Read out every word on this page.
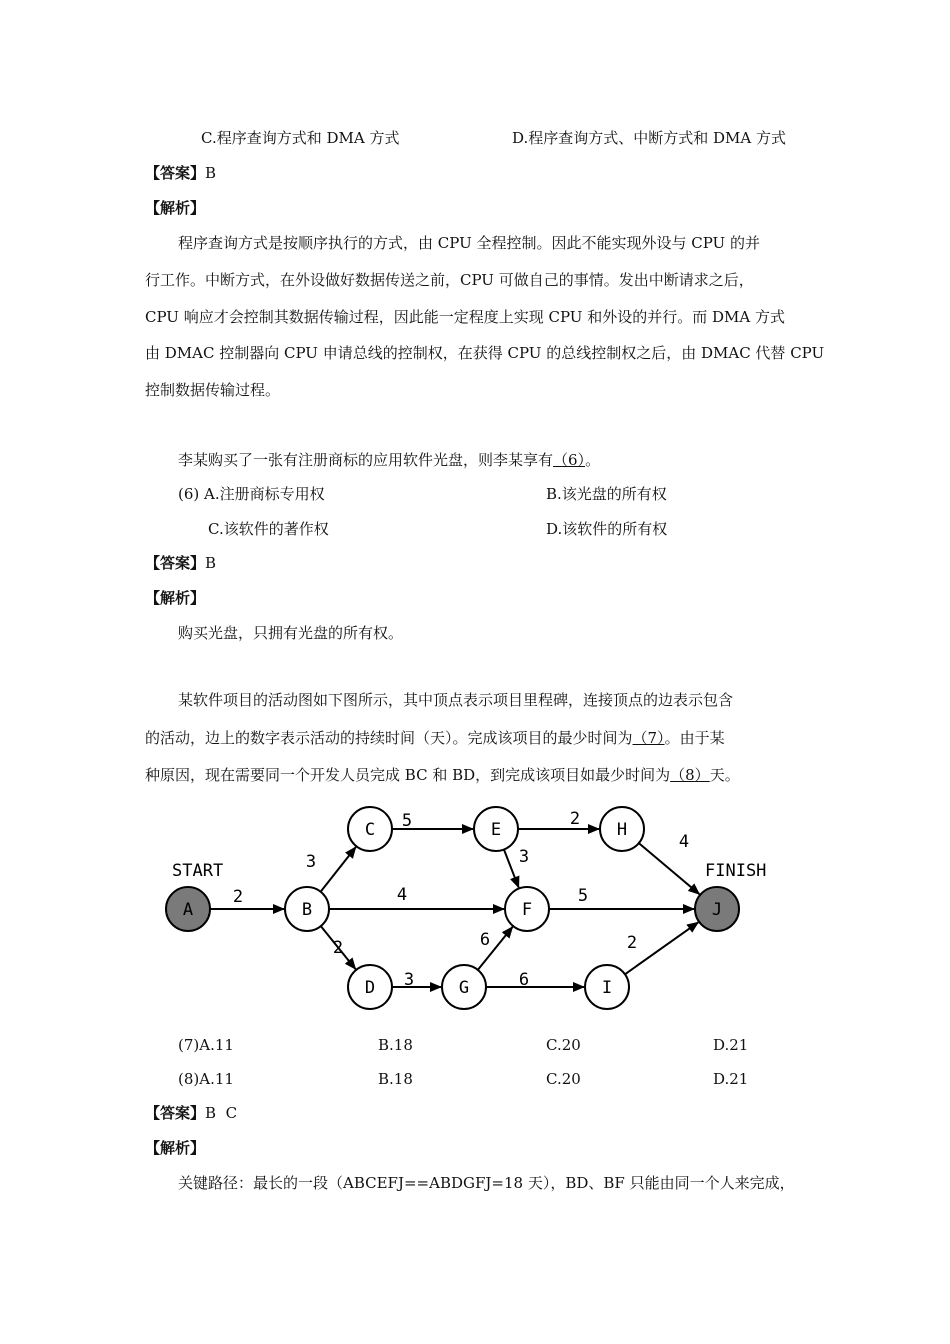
C.程序查询方式和 DMA 方式	D.程序查询方式、中断方式和 DMA 方式
【答案】B
【解析】
程序查询方式是按顺序执行的方式，由 CPU 全程控制。因此不能实现外设与 CPU 的并
行工作。中断方式，在外设做好数据传送之前，CPU 可做自己的事情。发出中断请求之后，
CPU 响应才会控制其数据传输过程，因此能一定程度上实现 CPU 和外设的并行。而 DMA 方式
由 DMAC 控制器向 CPU 申请总线的控制权，在获得 CPU 的总线控制权之后，由 DMAC 代替 CPU
控制数据传输过程。
李某购买了一张有注册商标的应用软件光盘，则李某享有（6）。
(6) A.注册商标专用权	B.该光盘的所有权
C.该软件的著作权	D.该软件的所有权
【答案】B
【解析】
购买光盘，只拥有光盘的所有权。
某软件项目的活动图如下图所示，其中顶点表示项目里程碑，连接顶点的边表示包含
的活动，边上的数字表示活动的持续时间（天）。完成该项目的最少时间为（7）。由于某
种原因，现在需要同一个开发人员完成 BC 和 BD，到完成该项目如最少时间为（8）天。
START	FINISH
2
3
4
2
5	2
3
4
5
3
6
6
2
A	B
C
D
E
F
G
H
I
J
(7)A.11	B.18	C.20	D.21
(8)A.11	B.18	C.20	D.21
【答案】B  C
【解析】
关键路径：最长的一段（ABCEFJ==ABDGFJ=18 天），BD、BF 只能由同一个人来完成，
